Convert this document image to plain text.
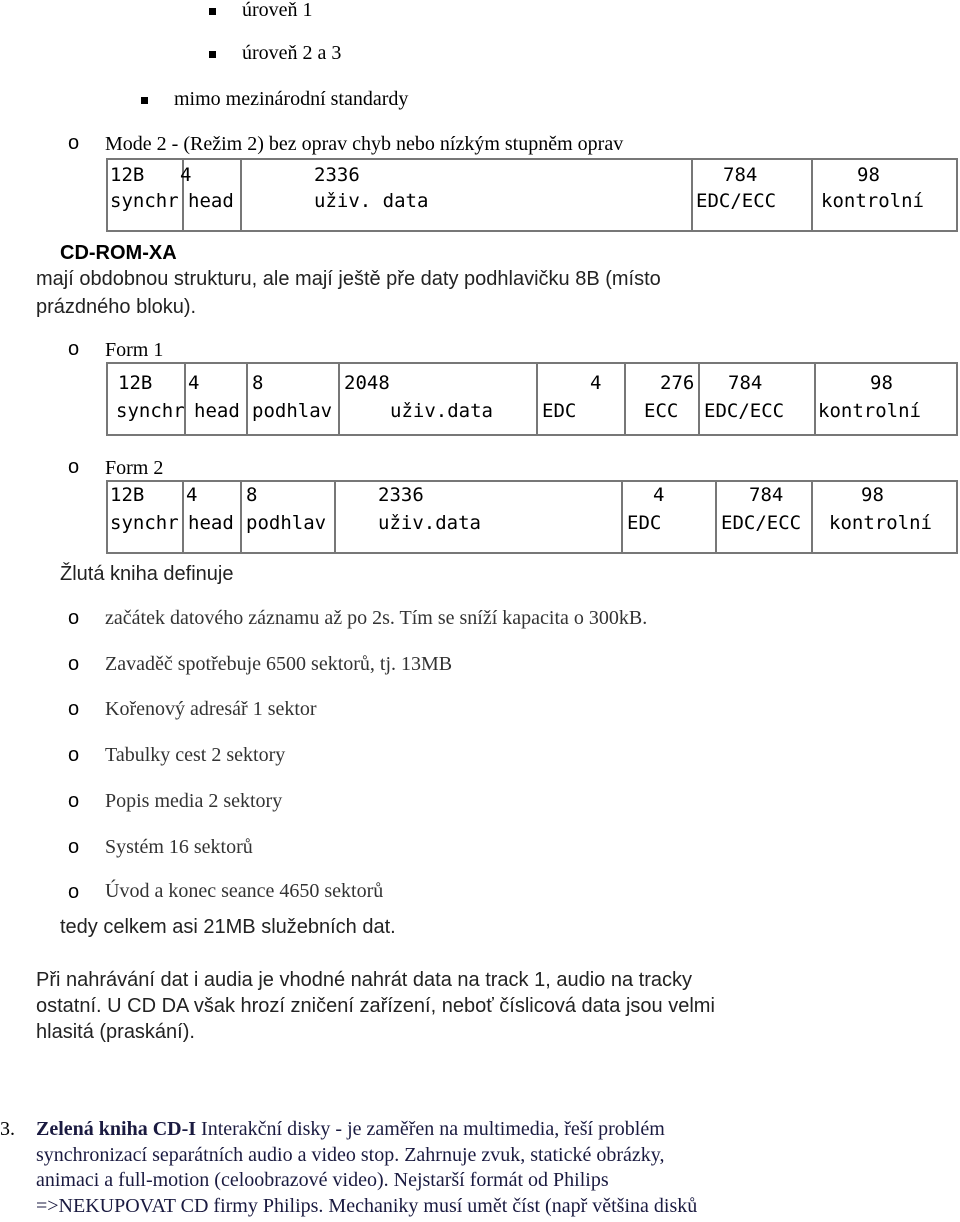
úroveň 1
úroveň 2 a 3
mimo mezinárodní standardy
o Mode 2 - (Režim 2) bez oprav chyb nebo nízkým stupněm oprav
12B
synchr
4
head
2336
uživ. data
784
EDC/ECC
98
kontrolní
CD-ROM-XA
mají obdobnou strukturu, ale mají ještě pře daty podhlavičku 8B (místo
prázdného bloku).
o Form 1
12B
synchr
4
head
8
podhlav
2048
uživ.data
4
EDC
276
ECC
784
EDC/ECC
98
kontrolní
o Form 2
12B
synchr
4
head
8
podhlav
2336
uživ.data
4
EDC
784
EDC/ECC
98
kontrolní
Žlutá kniha definuje
o začátek datového záznamu až po 2s. Tím se sníží kapacita o 300kB.
o Zavaděč spotřebuje 6500 sektorů, tj. 13MB
o Kořenový adresář 1 sektor
o Tabulky cest 2 sektory
o Popis media 2 sektory
o Systém 16 sektorů
o Úvod a konec seance 4650 sektorů
tedy celkem asi 21MB služebních dat.
Při nahrávání dat i audia je vhodné nahrát data na track 1, audio na tracky
ostatní. U CD DA však hrozí zničení zařízení, neboť číslicová data jsou velmi
hlasitá (praskání).
3. Zelená kniha CD-I Interakční disky - je zaměřen na multimedia, řeší problém
synchronizací separátních audio a video stop. Zahrnuje zvuk, statické obrázky,
animaci a full-motion (celoobrazové video). Nejstarší formát od Philips
=>NEKUPOVAT CD firmy Philips. Mechaniky musí umět číst (např většina disků
